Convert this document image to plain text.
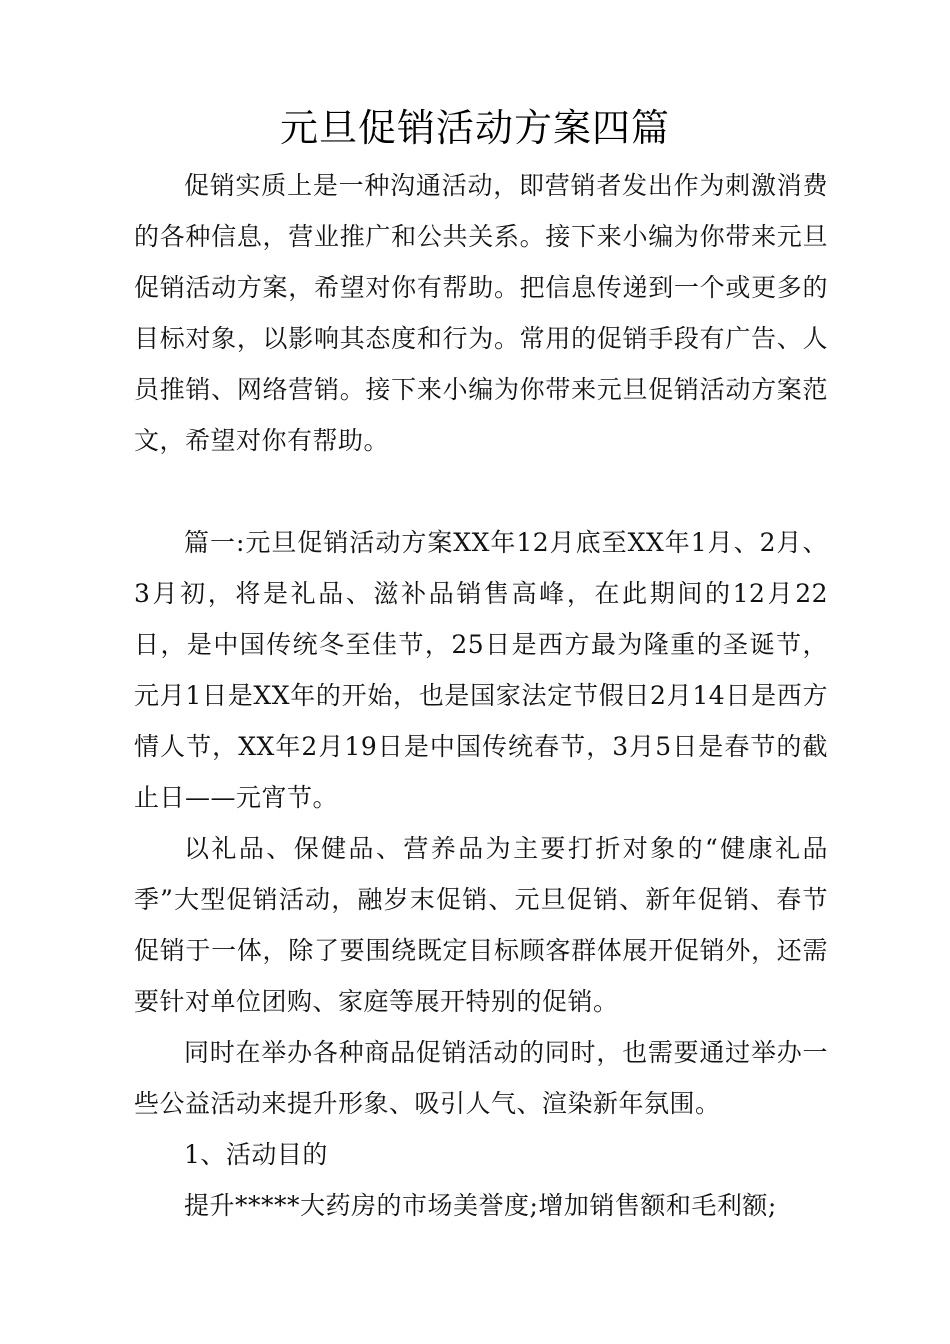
元旦促销活动方案四篇

促销实质上是一种沟通活动，即营销者发出作为刺激消费的各种信息，营业推广和公共关系。接下来小编为你带来元旦促销活动方案，希望对你有帮助。把信息传递到一个或更多的目标对象，以影响其态度和行为。常用的促销手段有广告、人员推销、网络营销。接下来小编为你带来元旦促销活动方案范文，希望对你有帮助。

篇一:元旦促销活动方案XX年12月底至XX年1月、2月、3月初，将是礼品、滋补品销售高峰，在此期间的12月22日，是中国传统冬至佳节，25日是西方最为隆重的圣诞节，元月1日是XX年的开始，也是国家法定节假日2月14日是西方情人节，XX年2月19日是中国传统春节，3月5日是春节的截止日——元宵节。

以礼品、保健品、营养品为主要打折对象的“健康礼品季”大型促销活动，融岁末促销、元旦促销、新年促销、春节促销于一体，除了要围绕既定目标顾客群体展开促销外，还需要针对单位团购、家庭等展开特别的促销。

同时在举办各种商品促销活动的同时，也需要通过举办一些公益活动来提升形象、吸引人气、渲染新年氛围。

1、活动目的

提升*****大药房的市场美誉度;增加销售额和毛利额;
